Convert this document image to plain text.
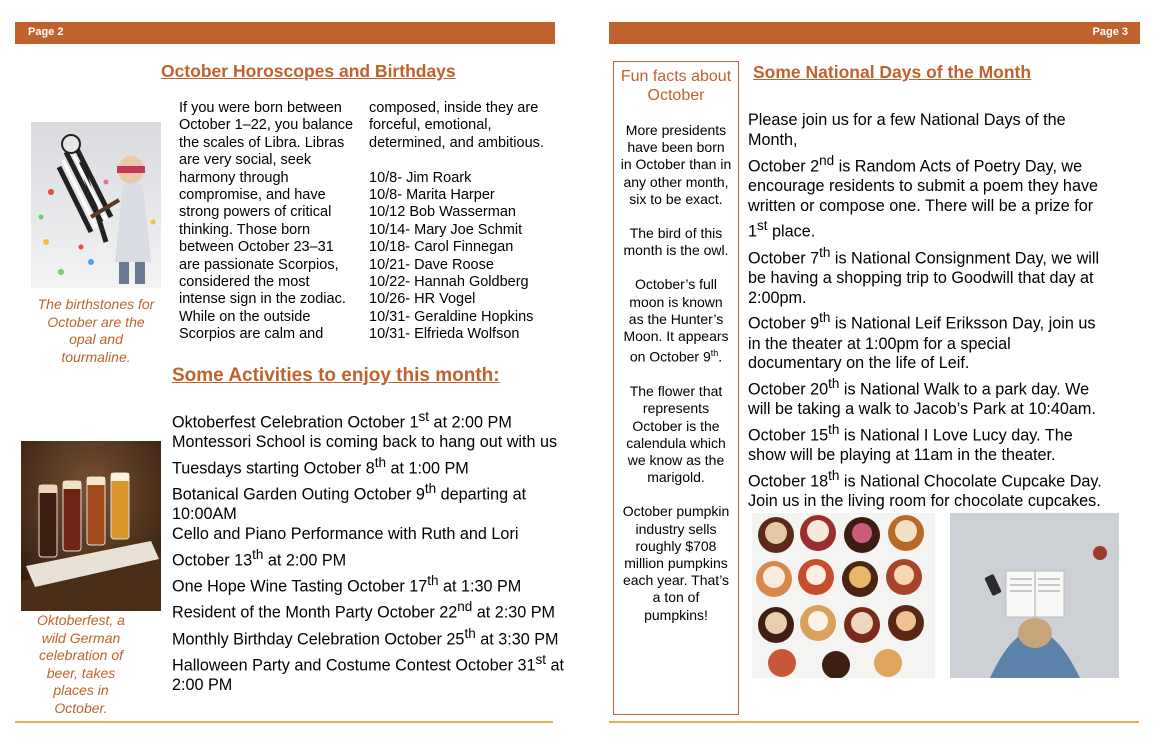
Page 2
October Horoscopes and Birthdays
The birthstones for October are the opal and tourmaline.
If you were born between
October 1–22, you balance
the scales of Libra. Libras
are very social, seek
harmony through
compromise, and have
strong powers of critical
thinking. Those born
between October 23–31
are passionate Scorpios,
considered the most
intense sign in the zodiac.
While on the outside
Scorpios are calm and
composed, inside they are
forceful, emotional,
determined, and ambitious.
10/8- Jim Roark
10/8- Marita Harper
10/12 Bob Wasserman
10/14- Mary Joe Schmit
10/18- Carol Finnegan
10/21- Dave Roose
10/22- Hannah Goldberg
10/26- HR Vogel
10/31- Geraldine Hopkins
10/31- Elfrieda Wolfson
Some Activities to enjoy this month:
Oktoberfest, a wild German celebration of beer, takes places in October.
Oktoberfest Celebration October 1st at 2:00 PM
Montessori School is coming back to hang out with us Tuesdays starting October 8th at 1:00 PM
Botanical Garden Outing October 9th departing at 10:00AM
Cello and Piano Performance with Ruth and Lori October 13th at 2:00 PM
One Hope Wine Tasting October 17th at 1:30 PM
Resident of the Month Party October 22nd at 2:30 PM
Monthly Birthday Celebration October 25th at 3:30 PM
Halloween Party and Costume Contest October 31st at 2:00 PM
Page 3
Fun facts about October
More presidents have been born in October than in any other month, six to be exact.
The bird of this month is the owl.
October’s full moon is known as the Hunter’s Moon. It appears on October 9th.
The flower that represents October is the calendula which we know as the marigold.
October pumpkin industry sells roughly $708 million pumpkins each year. That’s a ton of pumpkins!
Some National Days of the Month
Please join us for a few National Days of the Month,
October 2nd is Random Acts of Poetry Day, we encourage residents to submit a poem they have written or compose one. There will be a prize for 1st place.
October 7th is National Consignment Day, we will be having a shopping trip to Goodwill that day at 2:00pm.
October 9th is National Leif Eriksson Day, join us in the theater at 1:00pm for a special documentary on the life of Leif.
October 20th is National Walk to a park day. We will be taking a walk to Jacob’s Park at 10:40am.
October 15th is National I Love Lucy day. The show will be playing at 11am in the theater.
October 18th is National Chocolate Cupcake Day. Join us in the living room for chocolate cupcakes.
